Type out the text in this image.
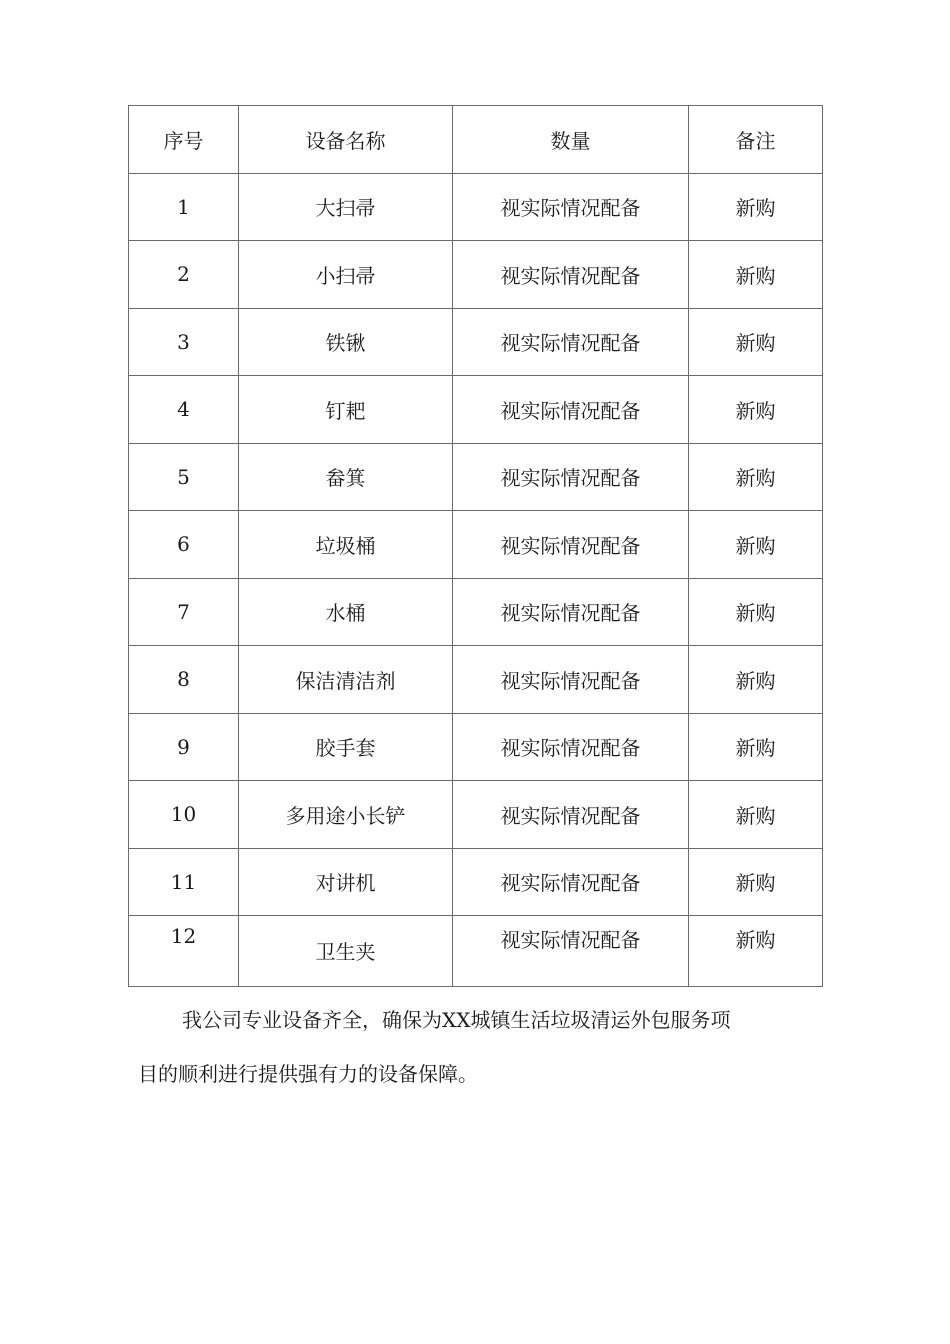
序号	设备名称	数量	备注
1	大扫帚	视实际情况配备	新购
2	小扫帚	视实际情况配备	新购
3	铁锹	视实际情况配备	新购
4	钉耙	视实际情况配备	新购
5	畚箕	视实际情况配备	新购
6	垃圾桶	视实际情况配备	新购
7	水桶	视实际情况配备	新购
8	保洁清洁剂	视实际情况配备	新购
9	胶手套	视实际情况配备	新购
10	多用途小长铲	视实际情况配备	新购
11	对讲机	视实际情况配备	新购
12	卫生夹	视实际情况配备	新购
我公司专业设备齐全，确保为XX城镇生活垃圾清运外包服务项
目的顺利进行提供强有力的设备保障。
